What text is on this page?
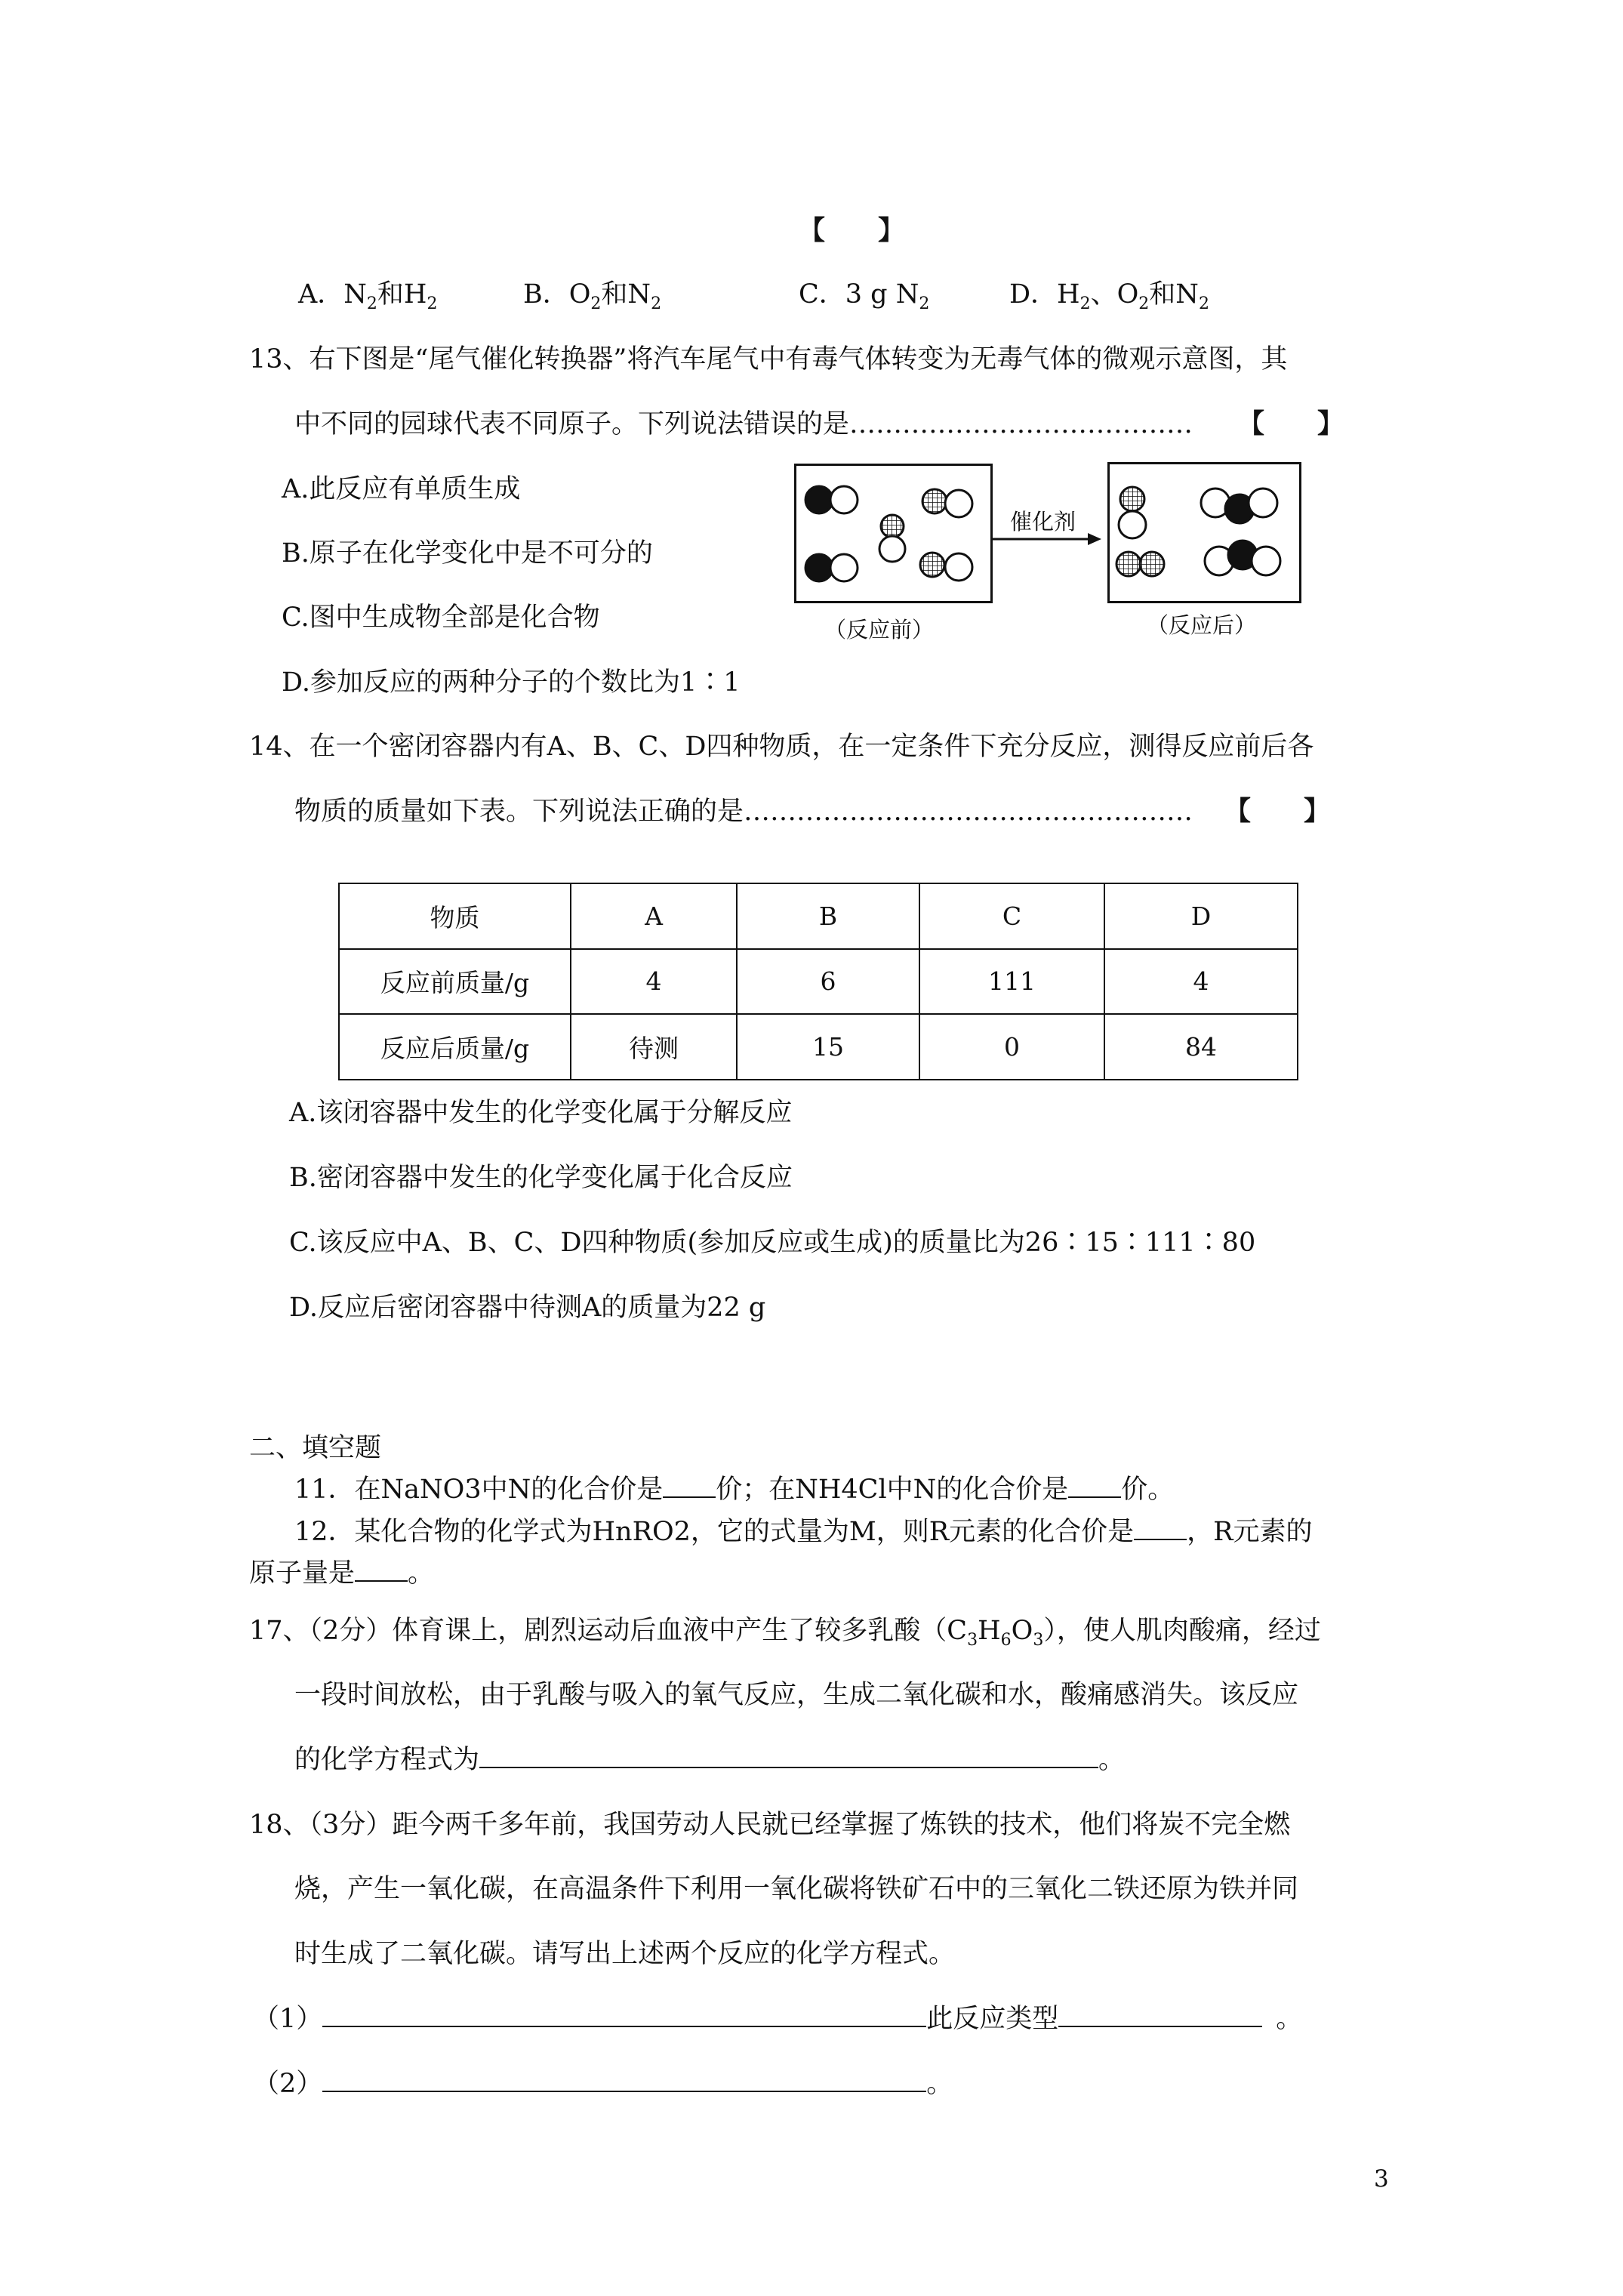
【　　】
A．$N_2$和$H_2$	B．$O_2$和$N_2$	C．3 g $N_2$	D．$H_2$、$O_2$和$N_2$
13、右下图是“尾气催化转换器”将汽车尾气中有毒气体转变为无毒气体的微观示意图，其
中不同的园球代表不同原子。下列说法错误的是………………………………… 【　　】
A.此反应有单质生成
B.原子在化学变化中是不可分的
C.图中生成物全部是化合物
D.参加反应的两种分子的个数比为1∶1
催化剂
（反应前）	（反应后）
14、在一个密闭容器内有A、B、C、D四种物质，在一定条件下充分反应，测得反应前后各
物质的质量如下表。下列说法正确的是…………………………………………… 【　　】
物质	A	B	C	D
反应前质量/g	4	6	111	4
反应后质量/g	待测	15	0	84
A.该闭容器中发生的化学变化属于分解反应
B.密闭容器中发生的化学变化属于化合反应
C.该反应中A、B、C、D四种物质(参加反应或生成)的质量比为26∶15∶111∶80
D.反应后密闭容器中待测A的质量为22 g
二、填空题
11．在NaNO3中N的化合价是 价；在NH4Cl中N的化合价是 价。
12．某化合物的化学式为HnRO2，它的式量为M，则R元素的化合价是 ，R元素的
原子量是 。
17、（2分）体育课上，剧烈运动后血液中产生了较多乳酸$(C_3H_6O_3)$，使人肌肉酸痛，经过
一段时间放松，由于乳酸与吸入的氧气反应，生成二氧化碳和水，酸痛感消失。该反应
的化学方程式为	。
18、（3分）距今两千多年前，我国劳动人民就已经掌握了炼铁的技术，他们将炭不完全燃
烧，产生一氧化碳，在高温条件下利用一氧化碳将铁矿石中的三氧化二铁还原为铁并同
时生成了二氧化碳。请写出上述两个反应的化学方程式。
（1）	此反应类型	。
（2）	。
3
